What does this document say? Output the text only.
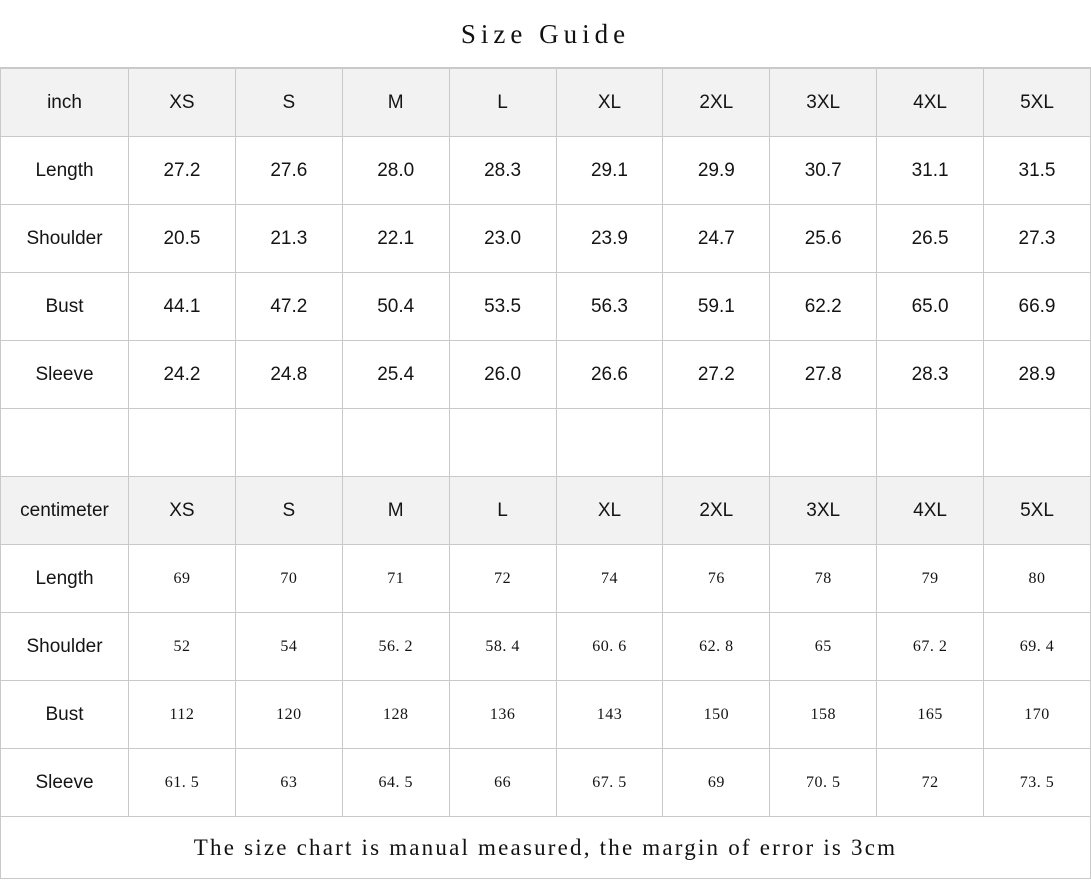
Size Guide
inch	XS	S	M	L	XL	2XL	3XL	4XL	5XL
Length	27.2	27.6	28.0	28.3	29.1	29.9	30.7	31.1	31.5
Shoulder	20.5	21.3	22.1	23.0	23.9	24.7	25.6	26.5	27.3
Bust	44.1	47.2	50.4	53.5	56.3	59.1	62.2	65.0	66.9
Sleeve	24.2	24.8	25.4	26.0	26.6	27.2	27.8	28.3	28.9

centimeter	XS	S	M	L	XL	2XL	3XL	4XL	5XL
Length	69	70	71	72	74	76	78	79	80
Shoulder	52	54	56. 2	58. 4	60. 6	62. 8	65	67. 2	69. 4
Bust	112	120	128	136	143	150	158	165	170
Sleeve	61. 5	63	64. 5	66	67. 5	69	70. 5	72	73. 5
The size chart is manual measured, the margin of error is 3cm
